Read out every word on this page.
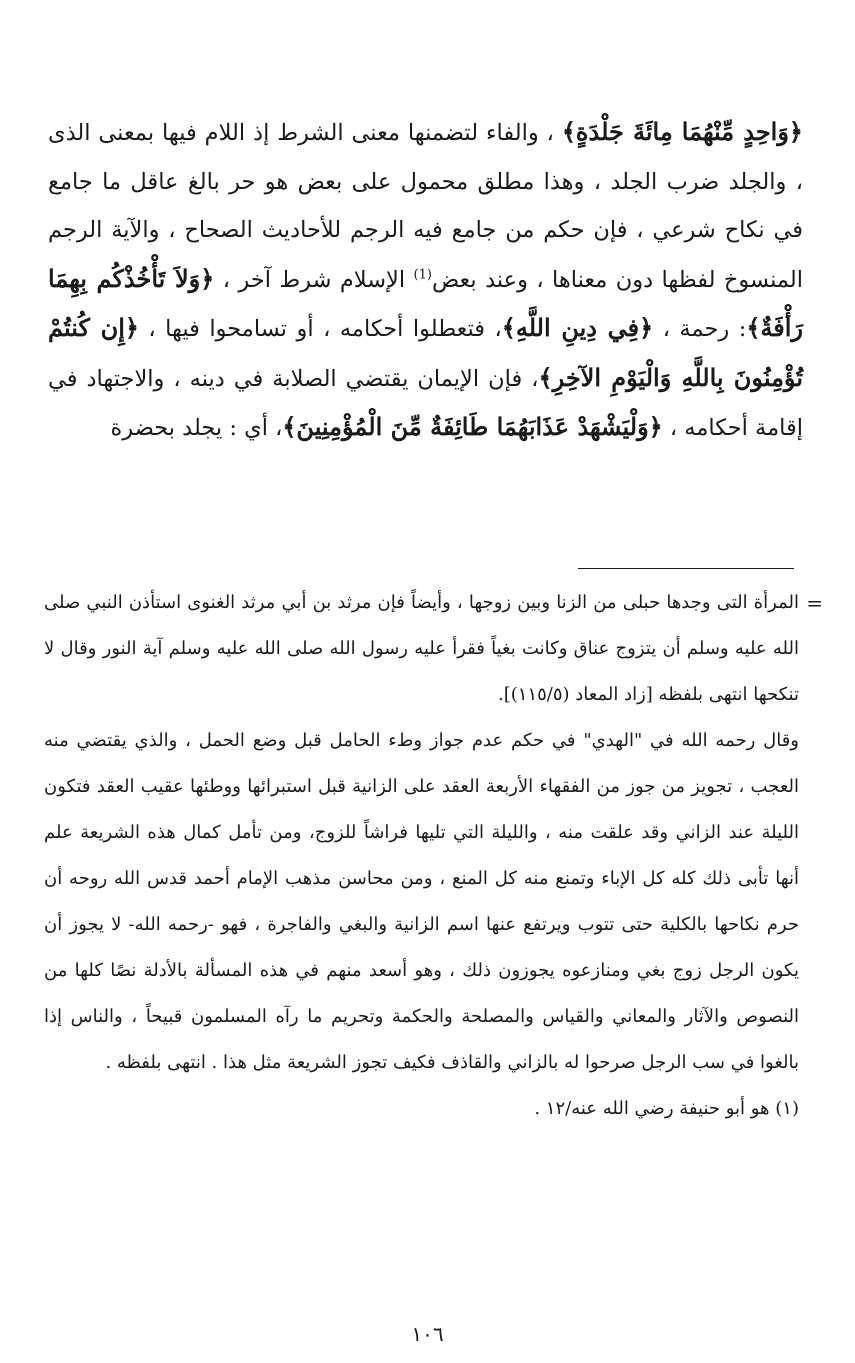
﴿وَاحِدٍ مِّنْهُمَا مِائَةَ جَلْدَةٍ﴾ ، والفاء لتضمنها معنى الشرط إذ اللام فيها بمعنى الذى ، والجلد ضرب الجلد ، وهذا مطلق محمول على بعض هو حر بالغ عاقل ما جامع في نكاح شرعي ، فإن حكم من جامع فيه الرجم للأحاديث الصحاح ، والآية الرجم المنسوخ لفظها دون معناها ، وعند بعض$^{(1)}$ الإسلام شرط آخر ، ﴿وَلاَ تَأْخُذْكُم بِهِمَا رَأْفَةٌ﴾: رحمة ، ﴿فِي دِينِ اللَّهِ﴾، فتعطلوا أحكامه ، أو تسامحوا فيها ، ﴿إِن كُنتُمْ تُؤْمِنُونَ بِاللَّهِ وَالْيَوْمِ الآخِرِ﴾، فإن الإيمان يقتضي الصلابة في دينه ، والاجتهاد في إقامة أحكامه ، ﴿وَلْيَشْهَدْ عَذَابَهُمَا طَائِفَةٌ مِّنَ الْمُؤْمِنِينَ﴾، أي : يجلد بحضرة

=

المرأة التى وجدها حبلى من الزنا وبين زوجها ، وأيضاً فإن مرثد بن أبي مرثد الغنوى استأذن النبي صلى الله عليه وسلم أن يتزوج عناق وكانت بغياً فقرأ عليه رسول الله صلى الله عليه وسلم آية النور وقال لا تنكحها انتهى بلفظه [زاد المعاد (١١٥/٥)].

وقال رحمه الله في "الهدي" في حكم عدم جواز وطء الحامل قبل وضع الحمل ، والذي يقتضي منه العجب ، تجويز من جوز من الفقهاء الأربعة العقد على الزانية قبل استبرائها ووطئها عقيب العقد فتكون الليلة عند الزاني وقد علقت منه ، والليلة التي تليها فراشاً للزوج، ومن تأمل كمال هذه الشريعة علم أنها تأبى ذلك كله كل الإباء وتمنع منه كل المنع ، ومن محاسن مذهب الإمام أحمد قدس الله روحه أن حرم نكاحها بالكلية حتى تتوب ويرتفع عنها اسم الزانية والبغي والفاجرة ، فهو -رحمه الله- لا يجوز أن يكون الرجل زوج بغي ومنازعوه يجوزون ذلك ، وهو أسعد منهم في هذه المسألة بالأدلة نصًا كلها من النصوص والآثار والمعاني والقياس والمصلحة والحكمة وتحريم ما رآه المسلمون قبيحاً ، والناس إذا بالغوا في سب الرجل صرحوا له بالزاني والقاذف فكيف تجوز الشريعة مثل هذا . انتهى بلفظه .

(١) هو أبو حنيفة رضي الله عنه/١٢ .

١٠٦
